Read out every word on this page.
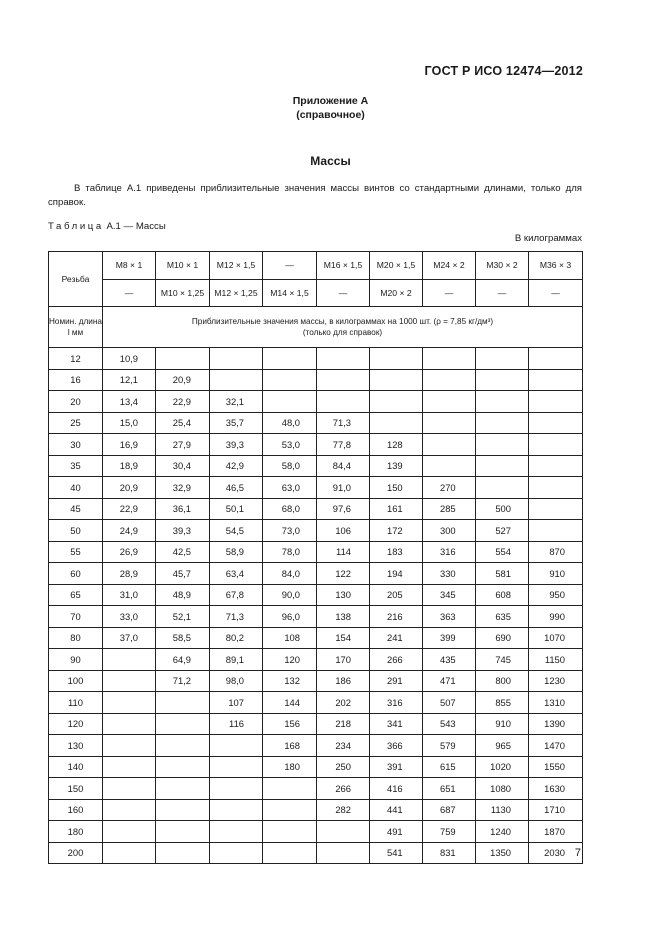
ГОСТ Р ИСО 12474—2012
Приложение А
(справочное)
Массы
В таблице А.1 приведены приблизительные значения массы винтов со стандартными длинами, только для справок.
Таблица А.1 — Массы
В килограммах
Резьба	M8 × 1	M10 × 1	M12 × 1,5	—	M16 × 1,5	M20 × 1,5	M24 × 2	M30 × 2	M36 × 3
	—	M10 × 1,25	M12 × 1,25	M14 × 1,5	—	M20 × 2	—	—	—
Номин. длина l мм	Приблизительные значения массы, в килограммах на 1000 шт. (ρ = 7,85 кг/дм³)
(только для справок)								

12	10,9								
16	12,1	20,9							
20	13,4	22,9	32,1						
25	15,0	25,4	35,7	48,0	71,3				
30	16,9	27,9	39,3	53,0	77,8	128			
35	18,9	30,4	42,9	58,0	84,4	139			
40	20,9	32,9	46,5	63,0	91,0	150	270		
45	22,9	36,1	50,1	68,0	97,6	161	285	500	
50	24,9	39,3	54,5	73,0	106	172	300	527	
55	26,9	42,5	58,9	78,0	114	183	316	554	870
60	28,9	45,7	63,4	84,0	122	194	330	581	910
65	31,0	48,9	67,8	90,0	130	205	345	608	950
70	33,0	52,1	71,3	96,0	138	216	363	635	990
80	37,0	58,5	80,2	108	154	241	399	690	1070
90		64,9	89,1	120	170	266	435	745	1150
100		71,2	98,0	132	186	291	471	800	1230
110			107	144	202	316	507	855	1310
120			116	156	218	341	543	910	1390
130				168	234	366	579	965	1470
140				180	250	391	615	1020	1550
150					266	416	651	1080	1630
160					282	441	687	1130	1710
180						491	759	1240	1870
200						541	831	1350	2030 7
